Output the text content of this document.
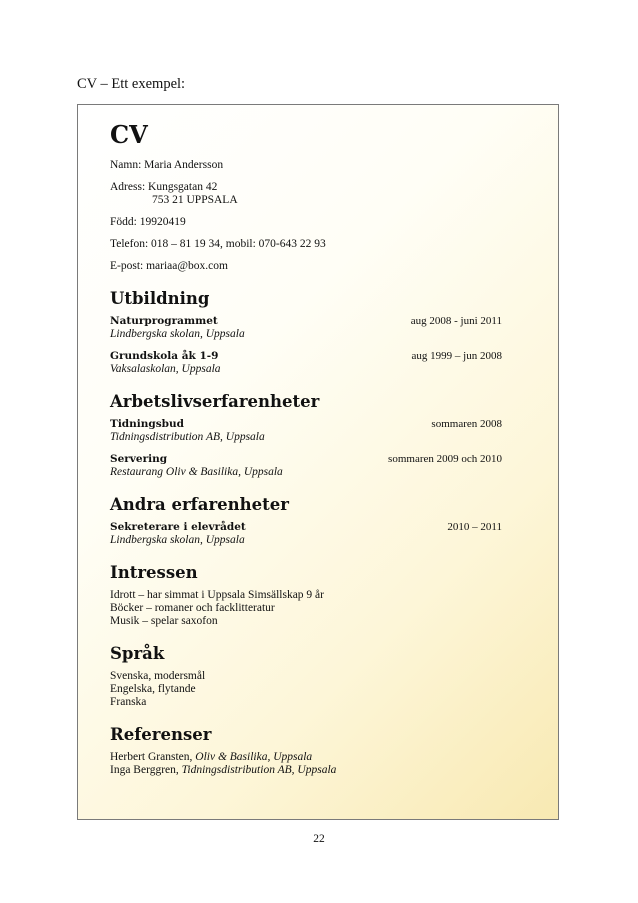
CV – Ett exempel:
CV

Namn: Maria Andersson

Adress: Kungsgatan 42

753 21 UPPSALA

Född: 19920419

Telefon: 018 – 81 19 34, mobil: 070-643 22 93

E-post: mariaa@box.com

Utbildning
Naturprogrammet	aug 2008 - juni 2011

Lindbergska skolan, Uppsala

Grundskola åk 1-9	aug 1999 – jun 2008

Vaksalaskolan, Uppsala

Arbetslivserfarenheter
Tidningsbud	sommaren 2008

Tidningsdistribution AB, Uppsala

Servering	sommaren 2009 och 2010

Restaurang Oliv & Basilika, Uppsala

Andra erfarenheter
Sekreterare i elevrådet	2010 – 2011

Lindbergska skolan, Uppsala

Intressen

Idrott – har simmat i Uppsala Simsällskap 9 år

Böcker – romaner och facklitteratur

Musik – spelar saxofon

Språk

Svenska, modersmål

Engelska, flytande

Franska

Referenser

Herbert Gransten, Oliv & Basilika, Uppsala

Inga Berggren, Tidningsdistribution AB, Uppsala

22
